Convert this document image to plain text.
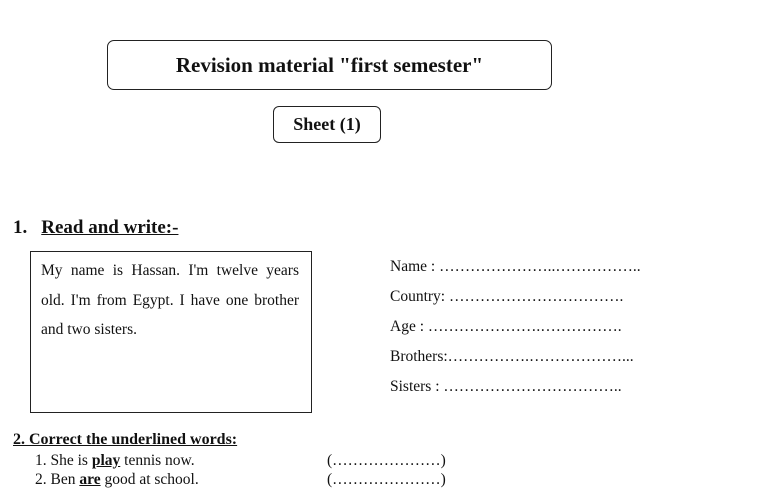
Revision material "first semester"
Sheet (1)
1. Read and write:-
My name is Hassan. I'm twelve years old. I'm from Egypt. I have one brother and two sisters.
Name : …………………..……………..
Country: …………………………….
Age : ………………….…………….
Brothers:…………….………………...
Sisters : ……………………………..
2. Correct the underlined words:
1. She is play tennis now.	(…………………)
2. Ben are good at school.	(…………………)
